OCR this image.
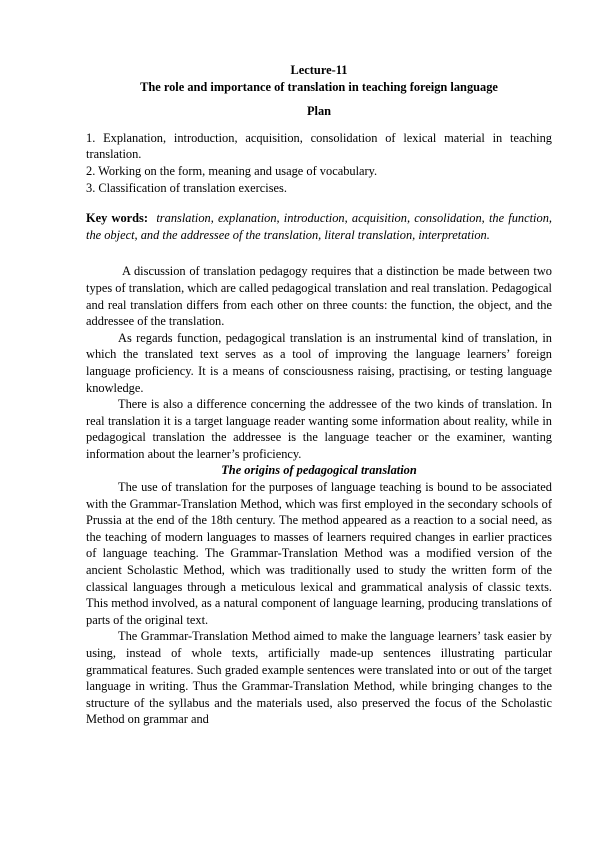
Lecture-11

The role and importance of translation in teaching foreign language

Plan

1. Explanation, introduction, acquisition, consolidation of lexical material in teaching translation.
2. Working on the form, meaning and usage of vocabulary.
3. Classification of translation exercises.
Key words: translation, explanation, introduction, acquisition, consolidation, the function, the object, and the addressee of the translation, literal translation, interpretation.

A discussion of translation pedagogy requires that a distinction be made between two types of translation, which are called pedagogical translation and real translation. Pedagogical and real translation differs from each other on three counts: the function, the object, and the addressee of the translation.

As regards function, pedagogical translation is an instrumental kind of translation, in which the translated text serves as a tool of improving the language learners’ foreign language proficiency. It is a means of consciousness raising, practising, or testing language knowledge.

There is also a difference concerning the addressee of the two kinds of translation. In real translation it is a target language reader wanting some information about reality, while in pedagogical translation the addressee is the language teacher or the examiner, wanting information about the learner’s proficiency.

The origins of pedagogical translation

The use of translation for the purposes of language teaching is bound to be associated with the Grammar-Translation Method, which was first employed in the secondary schools of Prussia at the end of the 18th century. The method appeared as a reaction to a social need, as the teaching of modern languages to masses of learners required changes in earlier practices of language teaching. The Grammar-Translation Method was a modified version of the ancient Scholastic Method, which was traditionally used to study the written form of the classical languages through a meticulous lexical and grammatical analysis of classic texts. This method involved, as a natural component of language learning, producing translations of parts of the original text.

The Grammar-Translation Method aimed to make the language learners’ task easier by using, instead of whole texts, artificially made-up sentences illustrating particular grammatical features. Such graded example sentences were translated into or out of the target language in writing. Thus the Grammar-Translation Method, while bringing changes to the structure of the syllabus and the materials used, also preserved the focus of the Scholastic Method on grammar and
